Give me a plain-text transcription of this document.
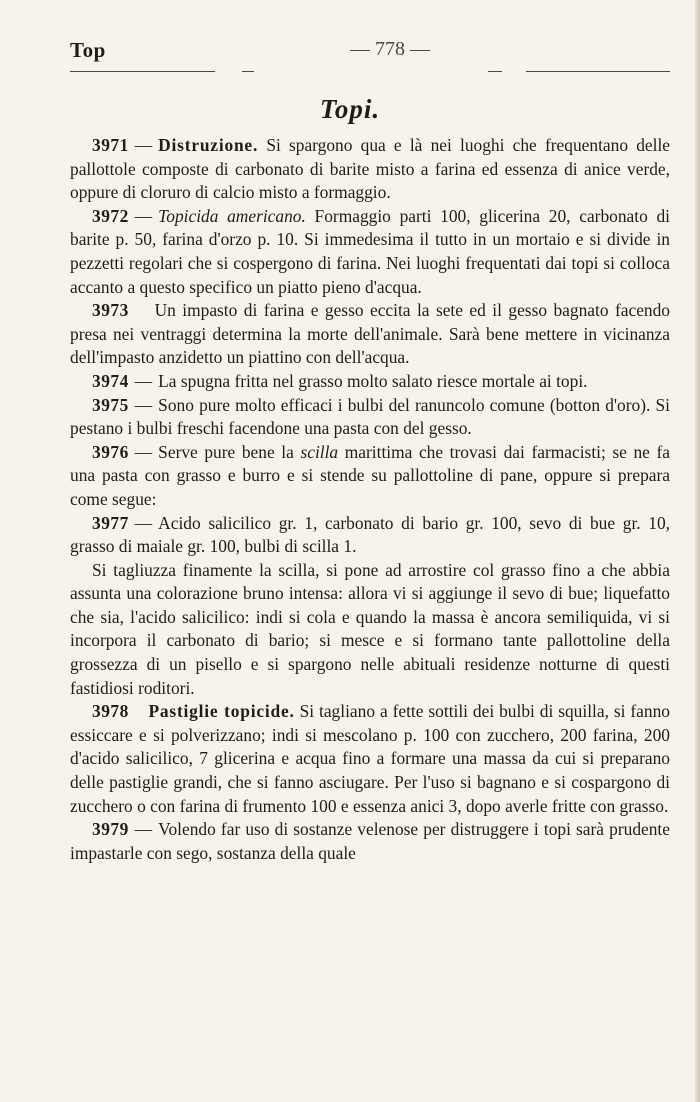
Top	— 778 —
Topi.

3971 — Distruzione. Si spargono qua e là nei luoghi che frequentano delle pallottole composte di carbonato di barite misto a farina ed essenza di anice verde, oppure di cloruro di calcio misto a formaggio.

3972 — Topicida americano. Formaggio parti 100, glicerina 20, carbonato di barite p. 50, farina d'orzo p. 10. Si immedesima il tutto in un mortaio e si divide in pezzetti regolari che si cospergono di farina. Nei luoghi frequentati dai topi si colloca accanto a questo specifico un piatto pieno d'acqua.

3973 Un impasto di farina e gesso eccita la sete ed il gesso bagnato facendo presa nei ventraggi determina la morte dell'animale. Sarà bene mettere in vicinanza dell'impasto anzidetto un piattino con dell'acqua.

3974 — La spugna fritta nel grasso molto salato riesce mortale ai topi.

3975 — Sono pure molto efficaci i bulbi del ranuncolo comune (botton d'oro). Si pestano i bulbi freschi facendone una pasta con del gesso.

3976 — Serve pure bene la scilla marittima che trovasi dai farmacisti; se ne fa una pasta con grasso e burro e si stende su pallottoline di pane, oppure si prepara come segue:

3977 — Acido salicilico gr. 1, carbonato di bario gr. 100, sevo di bue gr. 10, grasso di maiale gr. 100, bulbi di scilla 1.

Si tagliuzza finamente la scilla, si pone ad arrostire col grasso fino a che abbia assunta una colorazione bruno intensa: allora vi si aggiunge il sevo di bue; liquefatto che sia, l'acido salicilico: indi si cola e quando la massa è ancora semiliquida, vi si incorpora il carbonato di bario; si mesce e si formano tante pallottoline della grossezza di un pisello e si spargono nelle abituali residenze notturne di questi fastidiosi roditori.

3978 Pastiglie topicide. Si tagliano a fette sottili dei bulbi di squilla, si fanno essiccare e si polverizzano; indi si mescolano p. 100 con zucchero, 200 farina, 200 d'acido salicilico, 7 glicerina e acqua fino a formare una massa da cui si preparano delle pastiglie grandi, che si fanno asciugare. Per l'uso si bagnano e si cospargono di zucchero o con farina di frumento 100 e essenza anici 3, dopo averle fritte con grasso.

3979 — Volendo far uso di sostanze velenose per distruggere i topi sarà prudente impastarle con sego, sostanza della quale
